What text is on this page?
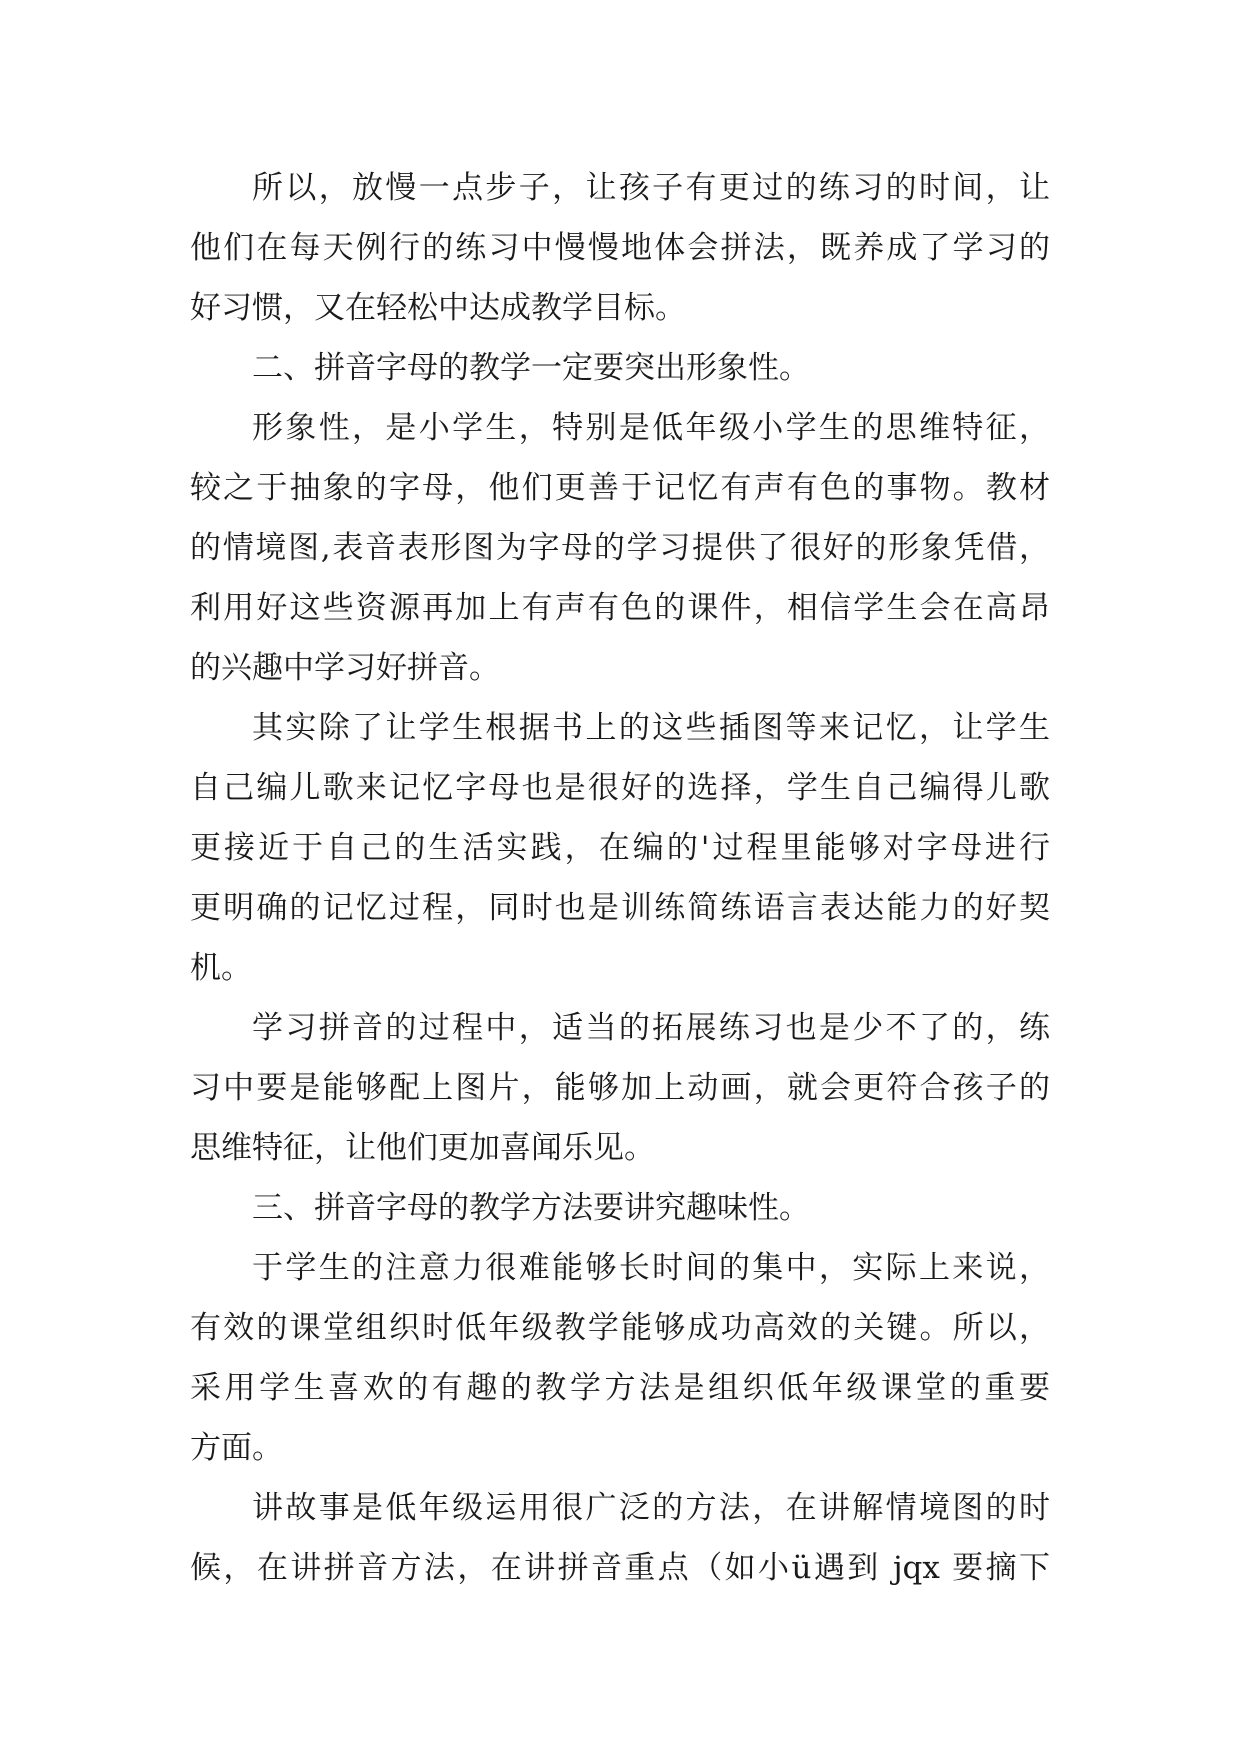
所以，放慢一点步子，让孩子有更过的练习的时间，让
他们在每天例行的练习中慢慢地体会拼法，既养成了学习的
好习惯，又在轻松中达成教学目标。
二、拼音字母的教学一定要突出形象性。
形象性，是小学生，特别是低年级小学生的思维特征，
较之于抽象的字母，他们更善于记忆有声有色的事物。教材
的情境图,表音表形图为字母的学习提供了很好的形象凭借，
利用好这些资源再加上有声有色的课件，相信学生会在高昂
的兴趣中学习好拼音。
其实除了让学生根据书上的这些插图等来记忆，让学生
自己编儿歌来记忆字母也是很好的选择，学生自己编得儿歌
更接近于自己的生活实践，在编的'过程里能够对字母进行
更明确的记忆过程，同时也是训练简练语言表达能力的好契
机。
学习拼音的过程中，适当的拓展练习也是少不了的，练
习中要是能够配上图片，能够加上动画，就会更符合孩子的
思维特征，让他们更加喜闻乐见。
三、拼音字母的教学方法要讲究趣味性。
于学生的注意力很难能够长时间的集中，实际上来说，
有效的课堂组织时低年级教学能够成功高效的关键。所以，
采用学生喜欢的有趣的教学方法是组织低年级课堂的重要
方面。
讲故事是低年级运用很广泛的方法，在讲解情境图的时
候，在讲拼音方法，在讲拼音重点（如小ü遇到 jqx 要摘下
